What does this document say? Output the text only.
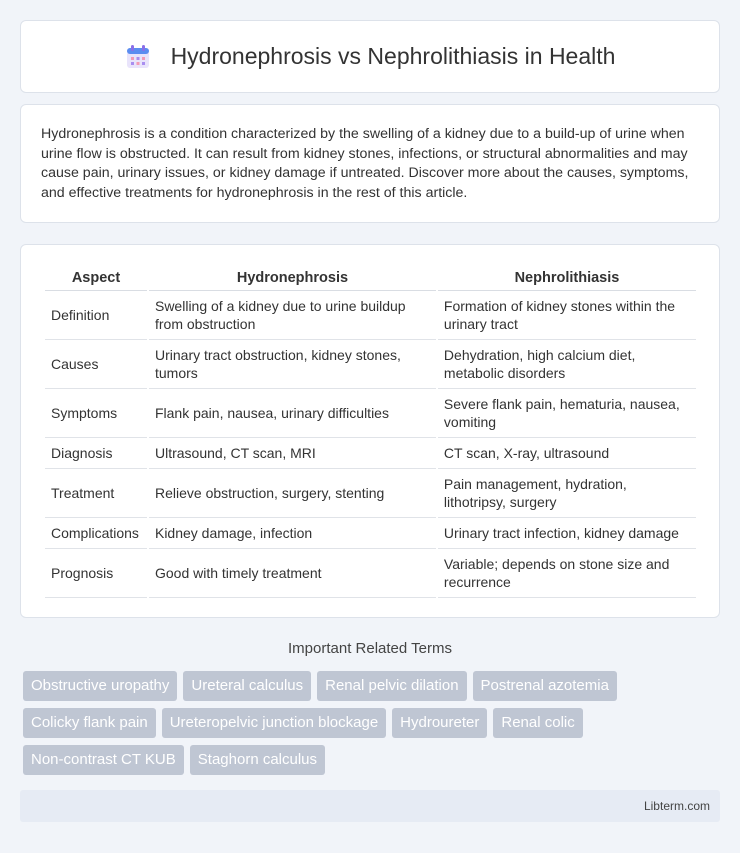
Hydronephrosis vs Nephrolithiasis in Health

Hydronephrosis is a condition characterized by the swelling of a kidney due to a build-up of urine when urine flow is obstructed. It can result from kidney stones, infections, or structural abnormalities and may cause pain, urinary issues, or kidney damage if untreated. Discover more about the causes, symptoms, and effective treatments for hydronephrosis in the rest of this article.

Aspect	Hydronephrosis	Nephrolithiasis
Definition	Swelling of a kidney due to urine buildup from obstruction	Formation of kidney stones within the urinary tract
Causes	Urinary tract obstruction, kidney stones, tumors	Dehydration, high calcium diet, metabolic disorders
Symptoms	Flank pain, nausea, urinary difficulties	Severe flank pain, hematuria, nausea, vomiting
Diagnosis	Ultrasound, CT scan, MRI	CT scan, X-ray, ultrasound
Treatment	Relieve obstruction, surgery, stenting	Pain management, hydration, lithotripsy, surgery
Complications	Kidney damage, infection	Urinary tract infection, kidney damage
Prognosis	Good with timely treatment	Variable; depends on stone size and recurrence
Important Related Terms
Obstructive uropathy	Ureteral calculus	Renal pelvic dilation	Postrenal azotemia
Colicky flank pain	Ureteropelvic junction blockage	Hydroureter	Renal colic
Non-contrast CT KUB	Staghorn calculus
Libterm.com
